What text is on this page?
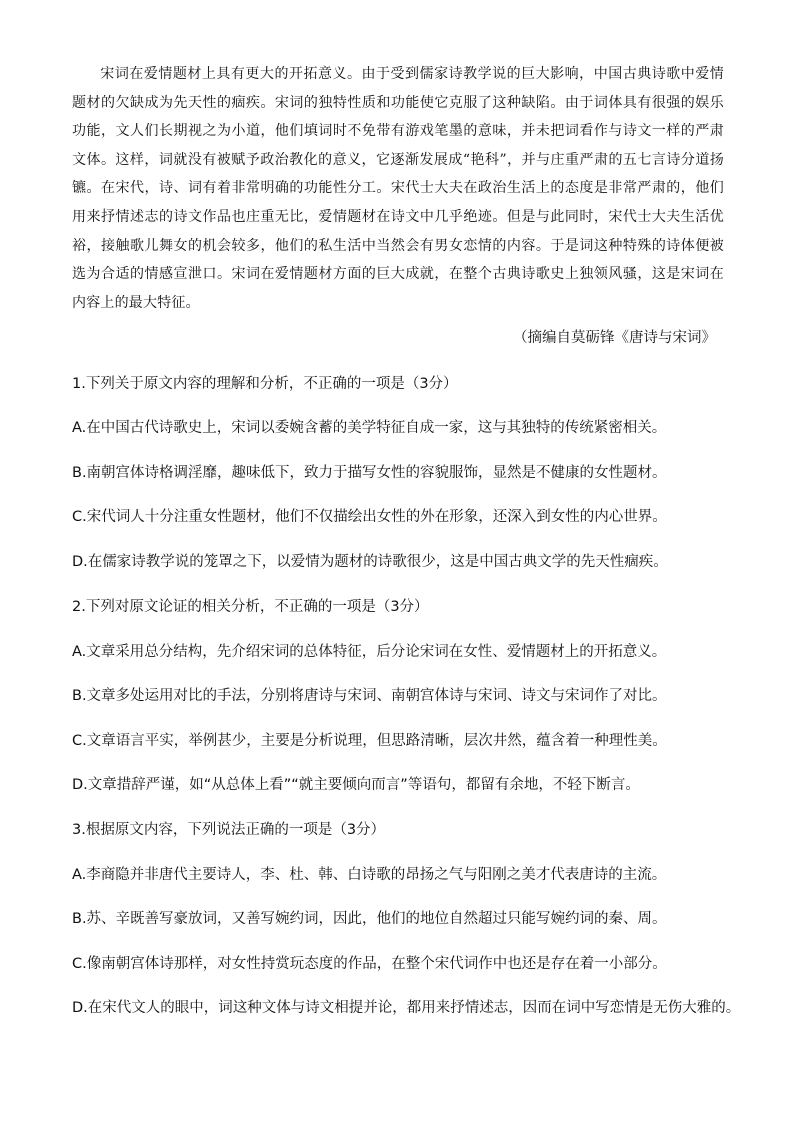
宋词在爱情题材上具有更大的开拓意义。由于受到儒家诗教学说的巨大影响，中国古典诗歌中爱情题材的欠缺成为先天性的痼疾。宋词的独特性质和功能使它克服了这种缺陷。由于词体具有很强的娱乐功能，文人们长期视之为小道，他们填词时不免带有游戏笔墨的意味，并未把词看作与诗文一样的严肃文体。这样，词就没有被赋予政治教化的意义，它逐渐发展成“艳科”，并与庄重严肃的五七言诗分道扬镳。在宋代，诗、词有着非常明确的功能性分工。宋代士大夫在政治生活上的态度是非常严肃的，他们用来抒情述志的诗文作品也庄重无比，爱情题材在诗文中几乎绝迹。但是与此同时，宋代士大夫生活优裕，接触歌儿舞女的机会较多，他们的私生活中当然会有男女恋情的内容。于是词这种特殊的诗体便被选为合适的情感宣泄口。宋词在爱情题材方面的巨大成就，在整个古典诗歌史上独领风骚，这是宋词在内容上的最大特征。

（摘编自莫砺锋《唐诗与宋词》

1.下列关于原文内容的理解和分析，不正确的一项是（3分）

A.在中国古代诗歌史上，宋词以委婉含蓄的美学特征自成一家，这与其独特的传统紧密相关。

B.南朝宫体诗格调淫靡，趣味低下，致力于描写女性的容貌服饰，显然是不健康的女性题材。

C.宋代词人十分注重女性题材，他们不仅描绘出女性的外在形象，还深入到女性的内心世界。

D.在儒家诗教学说的笼罩之下，以爱情为题材的诗歌很少，这是中国古典文学的先天性痼疾。

2.下列对原文论证的相关分析，不正确的一项是（3分）

A.文章采用总分结构，先介绍宋词的总体特征，后分论宋词在女性、爱情题材上的开拓意义。

B.文章多处运用对比的手法，分别将唐诗与宋词、南朝宫体诗与宋词、诗文与宋词作了对比。

C.文章语言平实，举例甚少，主要是分析说理，但思路清晰，层次井然，蕴含着一种理性美。

D.文章措辞严谨，如“从总体上看”“就主要倾向而言”等语句，都留有余地，不轻下断言。

3.根据原文内容，下列说法正确的一项是（3分）

A.李商隐并非唐代主要诗人，李、杜、韩、白诗歌的昂扬之气与阳刚之美才代表唐诗的主流。

B.苏、辛既善写豪放词，又善写婉约词，因此，他们的地位自然超过只能写婉约词的秦、周。

C.像南朝宫体诗那样，对女性持赏玩态度的作品，在整个宋代词作中也还是存在着一小部分。

D.在宋代文人的眼中，词这种文体与诗文相提并论，都用来抒情述志，因而在词中写恋情是无伤大雅的。
